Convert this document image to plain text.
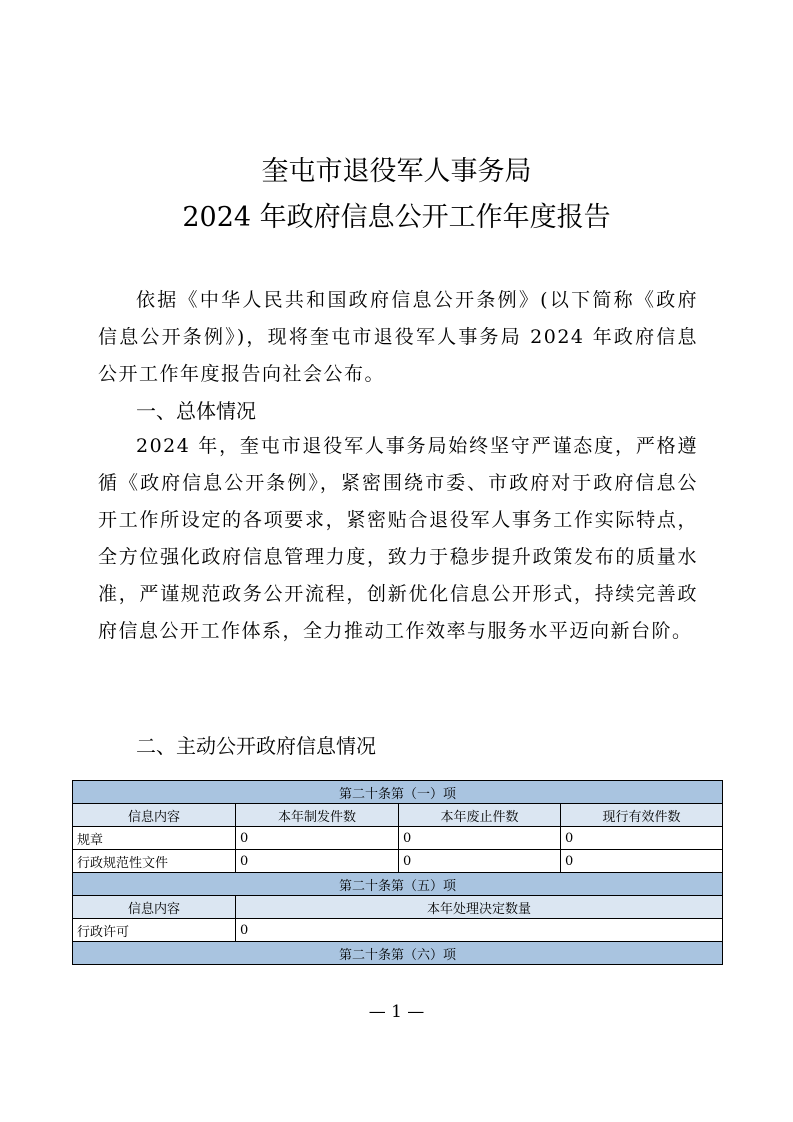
奎屯市退役军人事务局
2024 年政府信息公开工作年度报告
依据《中华人民共和国政府信息公开条例》(以下简称《政府信息公开条例》)，现将奎屯市退役军人事务局 2024 年政府信息公开工作年度报告向社会公布。
一、总体情况
2024 年，奎屯市退役军人事务局始终坚守严谨态度，严格遵循《政府信息公开条例》，紧密围绕市委、市政府对于政府信息公开工作所设定的各项要求，紧密贴合退役军人事务工作实际特点，全方位强化政府信息管理力度，致力于稳步提升政策发布的质量水准，严谨规范政务公开流程，创新优化信息公开形式，持续完善政府信息公开工作体系，全力推动工作效率与服务水平迈向新台阶。
二、主动公开政府信息情况
第二十条第（一）项			
信息内容	本年制发件数	本年废止件数	现行有效件数
规章	0	0	0
行政规范性文件	0	0	0
第二十条第（五）项			
信息内容	本年处理决定数量		
行政许可	0		
第二十条第（六）项			
— 1 —
